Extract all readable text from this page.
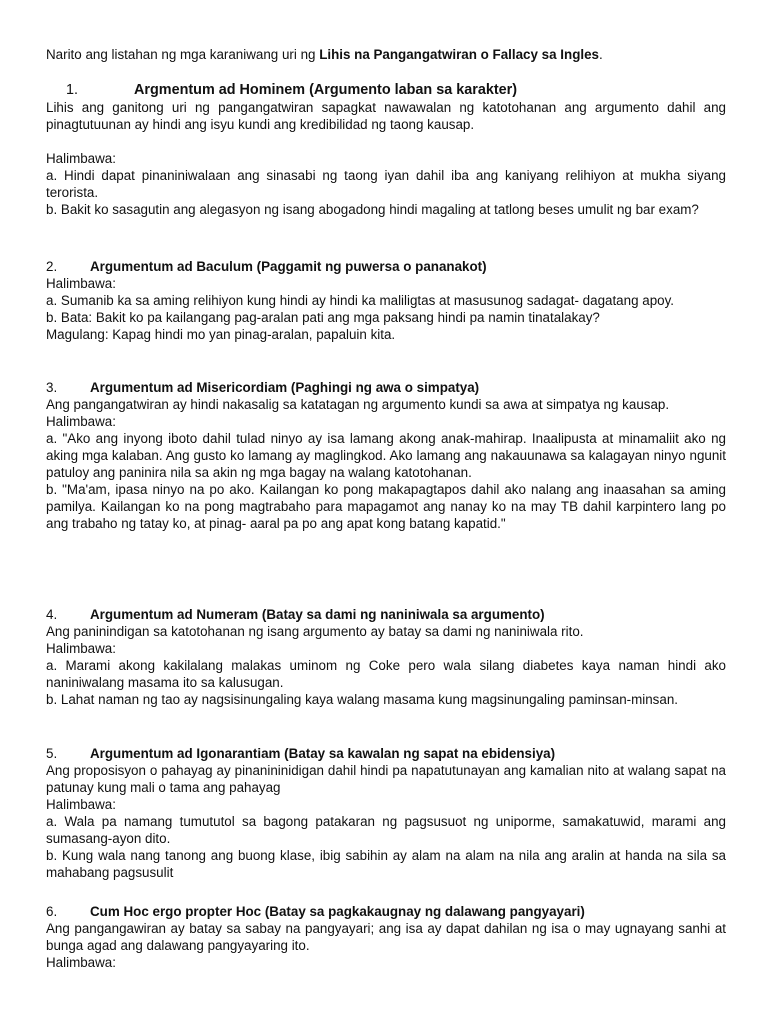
Narito ang listahan ng mga karaniwang uri ng Lihis na Pangangatwiran o Fallacy sa Ingles.
1.	Argmentum ad Hominem (Argumento laban sa karakter)

Lihis ang ganitong uri ng pangangatwiran sapagkat nawawalan ng katotohanan ang argumento dahil ang pinagtutuunan ay hindi ang isyu kundi ang kredibilidad ng taong kausap.

Halimbawa:

a. Hindi dapat pinaniniwalaan ang sinasabi ng taong iyan dahil iba ang kaniyang relihiyon at mukha siyang terorista.

b. Bakit ko sasagutin ang alegasyon ng isang abogadong hindi magaling at tatlong beses umulit ng bar exam?

2.	Argumentum ad Baculum (Paggamit ng puwersa o pananakot)

Halimbawa:

a. Sumanib ka sa aming relihiyon kung hindi ay hindi ka maliligtas at masusunog sadagat- dagatang apoy.

b. Bata: Bakit ko pa kailangang pag-aralan pati ang mga paksang hindi pa namin tinatalakay?

Magulang: Kapag hindi mo yan pinag-aralan, papaluin kita.

3.	Argumentum ad Misericordiam (Paghingi ng awa o simpatya)

Ang pangangatwiran ay hindi nakasalig sa katatagan ng argumento kundi sa awa at simpatya ng kausap.

Halimbawa:

a. "Ako ang inyong iboto dahil tulad ninyo ay isa lamang akong anak-mahirap. Inaalipusta at minamaliit ako ng aking mga kalaban. Ang gusto ko lamang ay maglingkod. Ako lamang ang nakauunawa sa kalagayan ninyo ngunit patuloy ang paninira nila sa akin ng mga bagay na walang katotohanan.

b. "Ma'am, ipasa ninyo na po ako. Kailangan ko pong makapagtapos dahil ako nalang ang inaasahan sa aming pamilya. Kailangan ko na pong magtrabaho para mapagamot ang nanay ko na may TB dahil karpintero lang po ang trabaho ng tatay ko, at pinag- aaral pa po ang apat kong batang kapatid."

4.	Argumentum ad Numeram (Batay sa dami ng naniniwala sa argumento)

Ang paninindigan sa katotohanan ng isang argumento ay batay sa dami ng naniniwala rito.

Halimbawa:

a. Marami akong kakilalang malakas uminom ng Coke pero wala silang diabetes kaya naman hindi ako naniniwalang masama ito sa kalusugan.

b. Lahat naman ng tao ay nagsisinungaling kaya walang masama kung magsinungaling paminsan-minsan.

5.	Argumentum ad Igonarantiam (Batay sa kawalan ng sapat na ebidensiya)

Ang proposisyon o pahayag ay pinanininidigan dahil hindi pa napatutunayan ang kamalian nito at walang sapat na patunay kung mali o tama ang pahayag

Halimbawa:

a. Wala pa namang tumututol sa bagong patakaran ng pagsusuot ng uniporme, samakatuwid, marami ang sumasang-ayon dito.

b. Kung wala nang tanong ang buong klase, ibig sabihin ay alam na alam na nila ang aralin at handa na sila sa mahabang pagsusulit

6.	Cum Hoc ergo propter Hoc (Batay sa pagkakaugnay ng dalawang pangyayari)

Ang pangangawiran ay batay sa sabay na pangyayari; ang isa ay dapat dahilan ng isa o may ugnayang sanhi at bunga agad ang dalawang pangyayaring ito.

Halimbawa:
